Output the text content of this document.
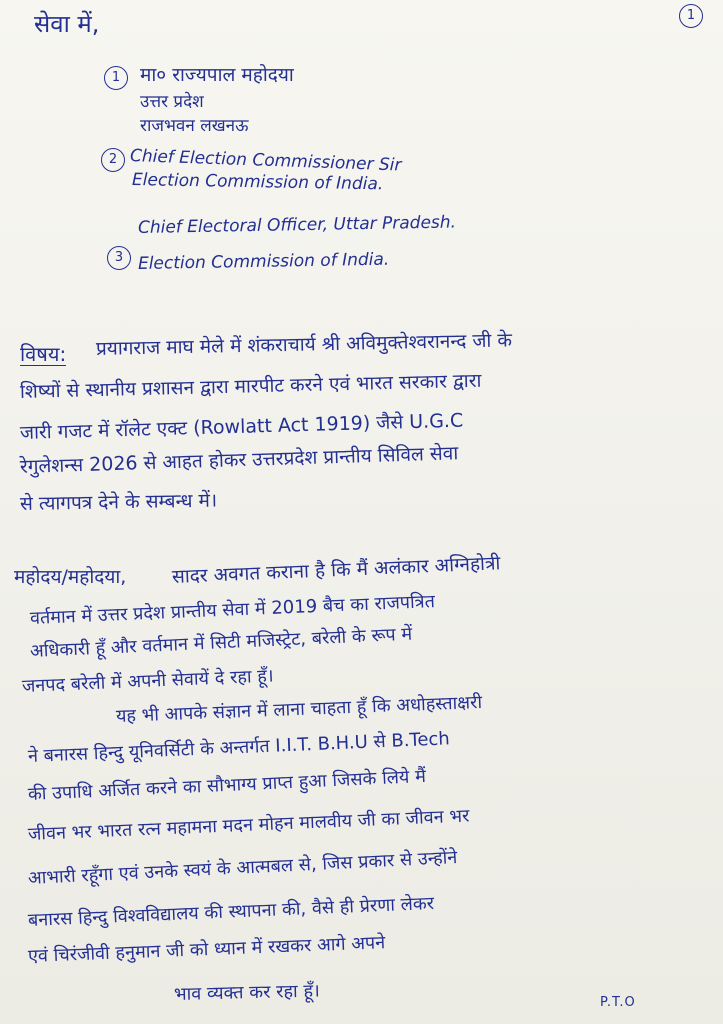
1
सेवा में,
1	मा० राज्यपाल महोदया
उत्तर प्रदेश
राजभवन लखनऊ
2 Chief Election Commissioner Sir
Election Commission of India.
3
Chief Electoral Officer, Uttar Pradesh.
Election Commission of India.
विषय: प्रयागराज माघ मेले में शंकराचार्य श्री अविमुक्तेश्वरानन्द जी के
शिष्यों से स्थानीय प्रशासन द्वारा मारपीट करने एवं भारत सरकार द्वारा
जारी गजट में रॉलेट एक्ट (Rowlatt Act 1919) जैसे U.G.C
रेगुलेशन्स 2026 से आहत होकर उत्तरप्रदेश प्रान्तीय सिविल सेवा
से त्यागपत्र देने के सम्बन्ध में।
महोदय/महोदया, सादर अवगत कराना है कि मैं अलंकार अग्निहोत्री
वर्तमान में उत्तर प्रदेश प्रान्तीय सेवा में 2019 बैच का राजपत्रित
अधिकारी हूँ और वर्तमान में सिटी मजिस्ट्रेट, बरेली के रूप में
जनपद बरेली में अपनी सेवायें दे रहा हूँ।
यह भी आपके संज्ञान में लाना चाहता हूँ कि अधोहस्ताक्षरी
ने बनारस हिन्दु यूनिवर्सिटी के अन्तर्गत I.I.T. B.H.U से B.Tech
की उपाधि अर्जित करने का सौभाग्य प्राप्त हुआ जिसके लिये मैं
जीवन भर भारत रत्न महामना मदन मोहन मालवीय जी का जीवन भर
आभारी रहूँगा एवं उनके स्वयं के आत्मबल से, जिस प्रकार से उन्होंने
बनारस हिन्दु विश्वविद्यालय की स्थापना की, वैसे ही प्रेरणा लेकर
एवं चिरंजीवी हनुमान जी को ध्यान में रखकर आगे अपने
भाव व्यक्त कर रहा हूँ।	P.T.O
